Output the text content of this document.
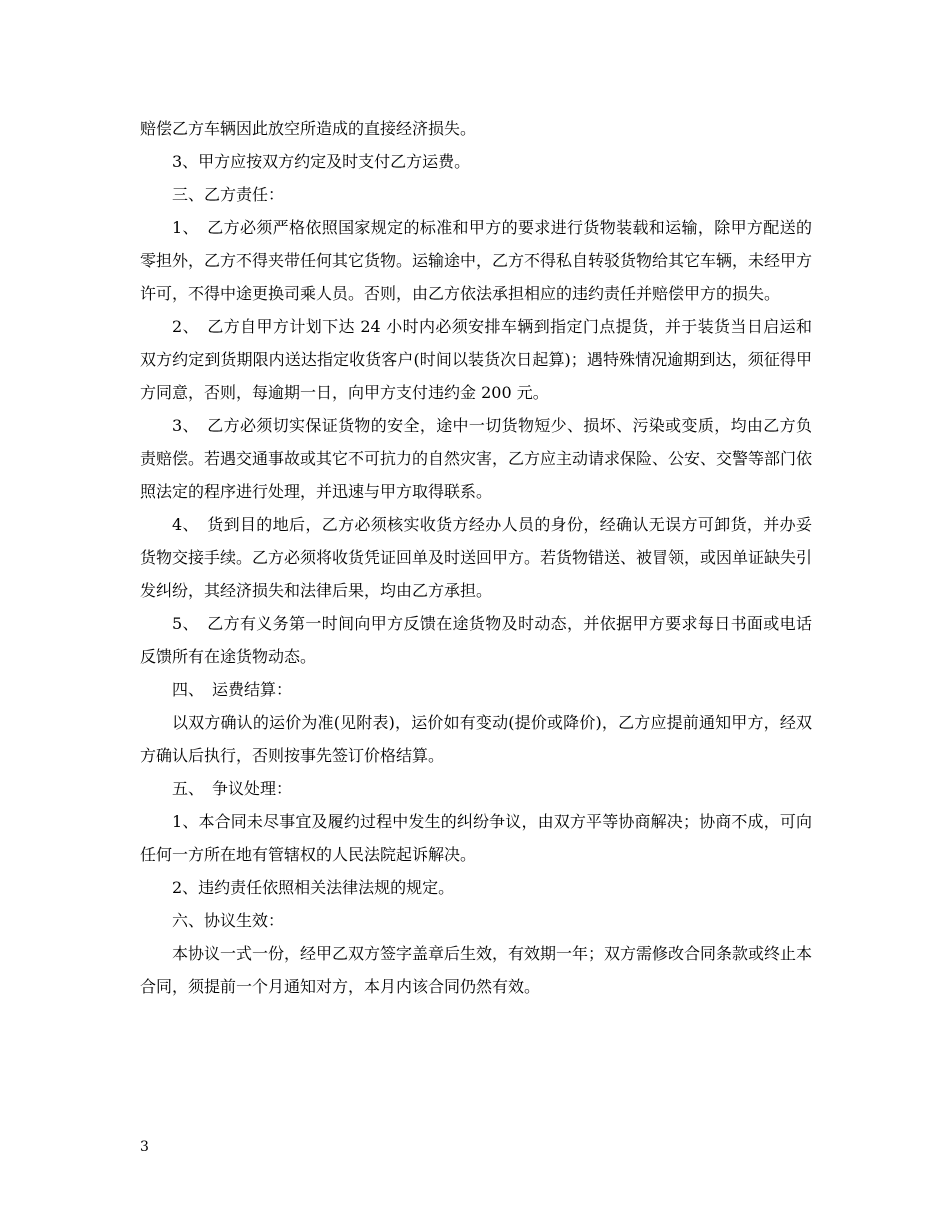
赔偿乙方车辆因此放空所造成的直接经济损失。

3、甲方应按双方约定及时支付乙方运费。

三、乙方责任：

1、　乙方必须严格依照国家规定的标准和甲方的要求进行货物装载和运输，除甲方配送的零担外，乙方不得夹带任何其它货物。运输途中，乙方不得私自转驳货物给其它车辆，未经甲方许可，不得中途更换司乘人员。否则，由乙方依法承担相应的违约责任并赔偿甲方的损失。

2、　乙方自甲方计划下达 24 小时内必须安排车辆到指定门点提货，并于装货当日启运和双方约定到货期限内送达指定收货客户(时间以装货次日起算)；遇特殊情况逾期到达，须征得甲方同意，否则，每逾期一日，向甲方支付违约金 200 元。

3、　乙方必须切实保证货物的安全，途中一切货物短少、损坏、污染或变质，均由乙方负责赔偿。若遇交通事故或其它不可抗力的自然灾害，乙方应主动请求保险、公安、交警等部门依照法定的程序进行处理，并迅速与甲方取得联系。

4、　货到目的地后，乙方必须核实收货方经办人员的身份，经确认无误方可卸货，并办妥货物交接手续。乙方必须将收货凭证回单及时送回甲方。若货物错送、被冒领，或因单证缺失引发纠纷，其经济损失和法律后果，均由乙方承担。

5、　乙方有义务第一时间向甲方反馈在途货物及时动态，并依据甲方要求每日书面或电话反馈所有在途货物动态。

四、　运费结算：

以双方确认的运价为准(见附表)，运价如有变动(提价或降价)，乙方应提前通知甲方，经双方确认后执行，否则按事先签订价格结算。

五、　争议处理：

1、本合同未尽事宜及履约过程中发生的纠纷争议，由双方平等协商解决；协商不成，可向任何一方所在地有管辖权的人民法院起诉解决。

2、违约责任依照相关法律法规的规定。

六、协议生效：

本协议一式一份，经甲乙双方签字盖章后生效，有效期一年；双方需修改合同条款或终止本合同，须提前一个月通知对方，本月内该合同仍然有效。

3
